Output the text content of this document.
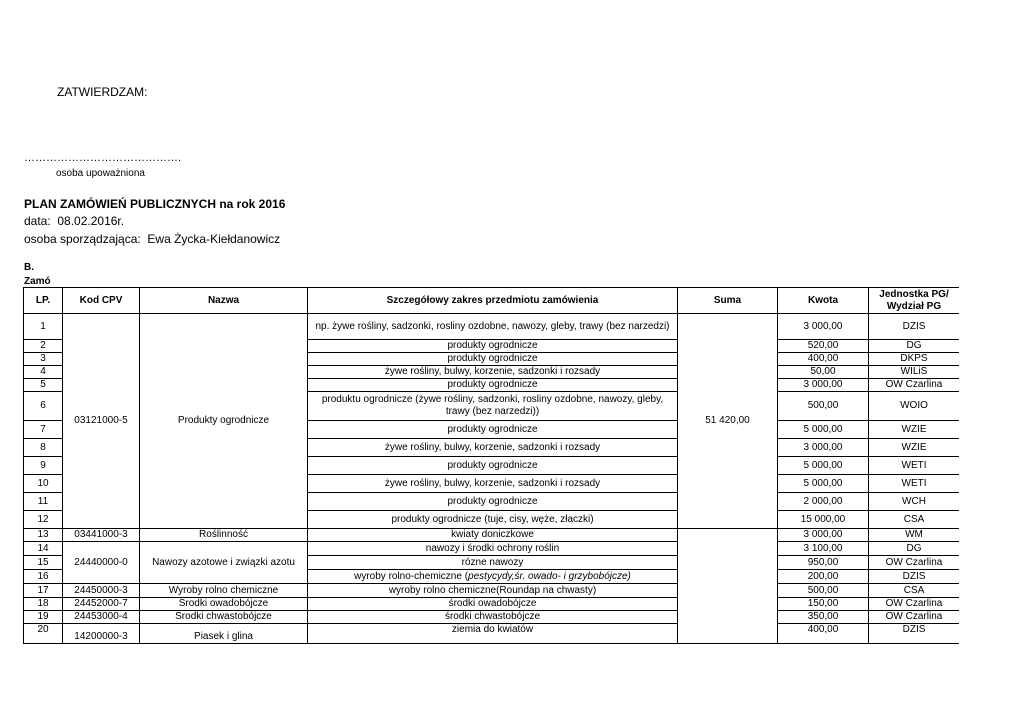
ZATWIERDZAM:
…………………………………….
osoba upoważniona
PLAN ZAMÓWIEŃ PUBLICZNYCH na rok 2016
data: 08.02.2016r.
osoba sporządzająca: Ewa Życka-Kiełdanowicz
B.
Zamó
LP.	Kod CPV	Nazwa	Szczegółowy zakres przedmiotu zamówienia	Suma	Kwota	Jednostka PG/ Wydział PG
1	03121000-5	Produkty ogrodnicze	np. żywe rośliny, sadzonki, rosliny ozdobne, nawozy, gleby, trawy (bez narzedzi)	51 420,00	3 000,00	DZIS
2			produkty ogrodnicze		520,00	DG
3			produkty ogrodnicze		400,00	DKPS
4			żywe rośliny, bulwy, korzenie, sadzonki i rozsady		50,00	WILiŚ
5			produkty ogrodnicze		3 000,00	OW Czarlina
6			produktu ogrodnicze (żywe rośliny, sadzonki, rosliny ozdobne, nawozy, gleby, trawy (bez narzedzi))		500,00	WOIO
7			produkty ogrodnicze		5 000,00	WZIE
8			żywe rośliny, bulwy, korzenie, sadzonki i rozsady		3 000,00	WZIE
9			produkty ogrodnicze		5 000,00	WETI
10			żywe rośliny, bulwy, korzenie, sadzonki i rozsady		5 000,00	WETI
11			produkty ogrodnicze		2 000,00	WCH
12			produkty ogrodnicze (tuje, cisy, węże, złaczki)		15 000,00	CSA
13	03441000-3	Roślinność	kwiaty doniczkowe		3 000,00	WM
14	24440000-0	Nawozy azotowe i związki azotu	nawozy i środki ochrony roślin		3 100,00	DG
15			rózne nawozy		950,00	OW Czarlina
16			wyroby rolno-chemiczne (pestycydy,śr. owado- i grzybobójcze)		200,00	DZIS
17	24450000-3	Wyroby rolno chemiczne	wyroby rolno chemiczne(Roundap na chwasty)		500,00	CSA
18	24452000-7	Środki owadobójcze	środki owadobójcze		150,00	OW Czarlina
19	24453000-4	Środki chwastobójcze	środki chwastobójcze		350,00	OW Czarlina
20	14200000-3	Piasek i glina	ziemia do kwiatów		400,00	DZIS
